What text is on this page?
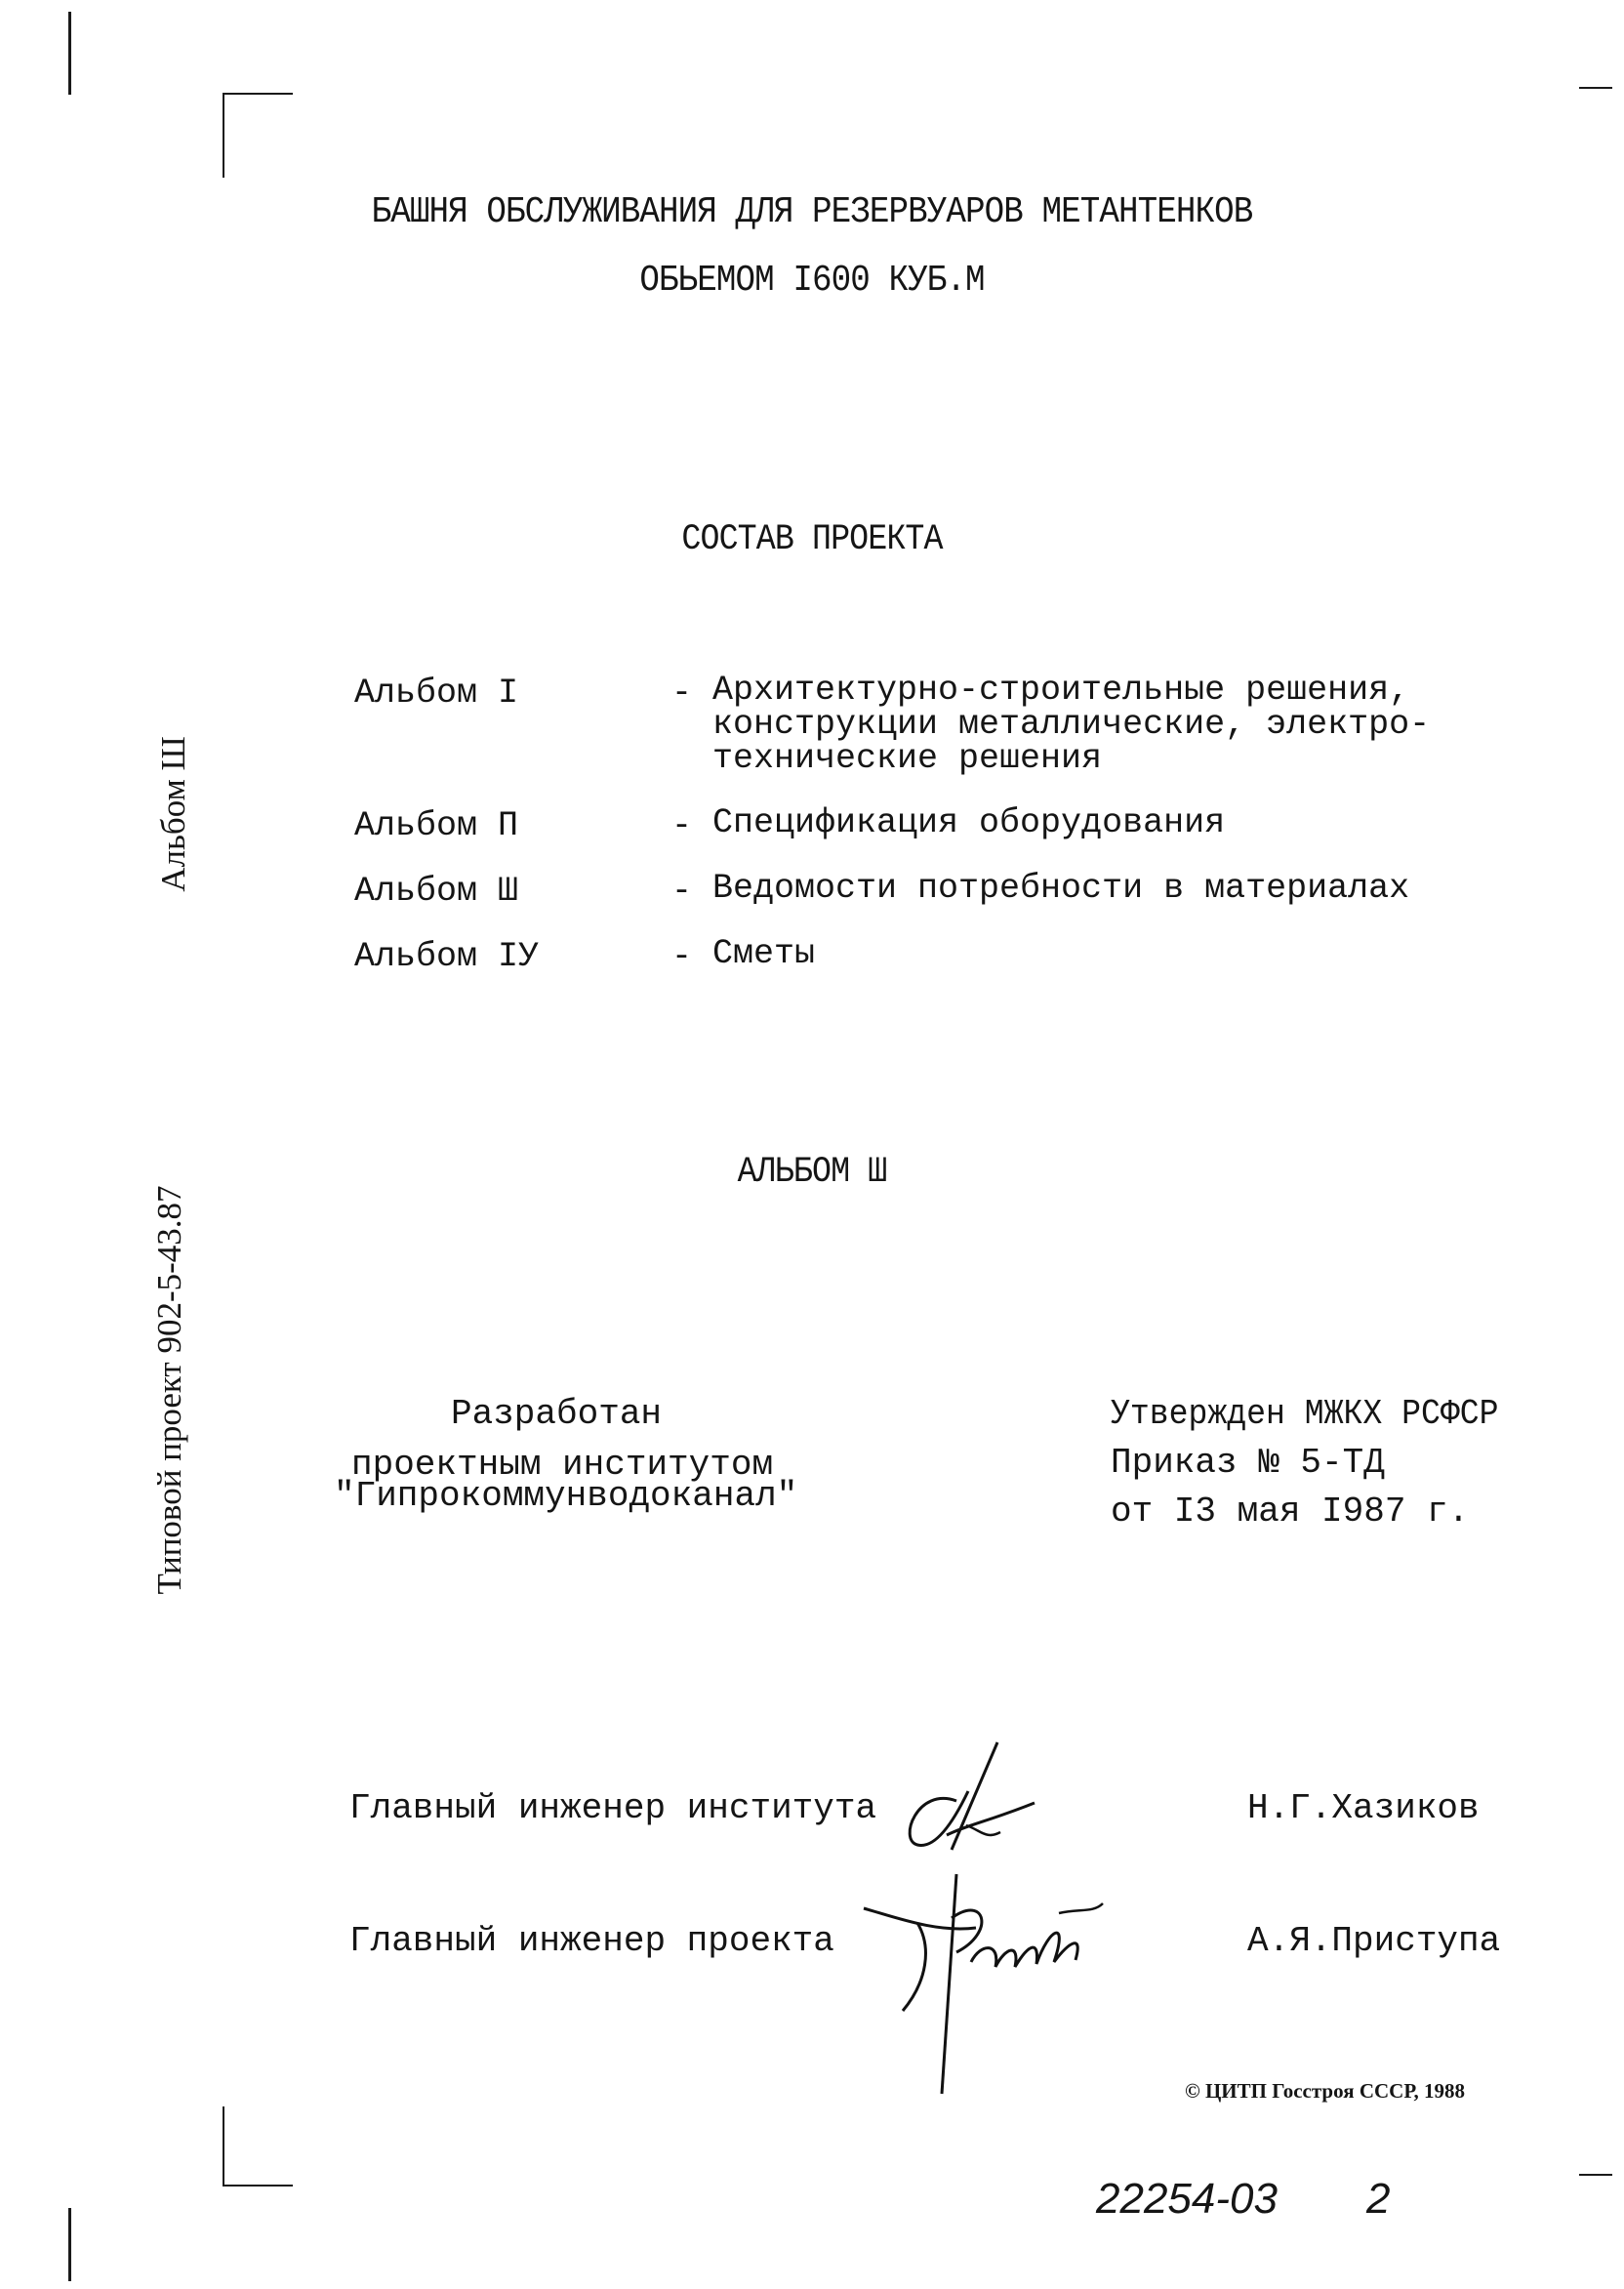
БАШНЯ ОБСЛУЖИВАНИЯ ДЛЯ РЕЗЕРВУАРОВ МЕТАНТЕНКОВ
ОБЬЕМОМ I600 КУБ.М
СОСТАВ ПРОЕКТА
Альбом I	- Архитектурно-строительные решения,
конструкции металлические, электро-
технические решения
Альбом П	- Спецификация оборудования
Альбом Ш	- Ведомости потребности в материалах
Альбом IУ	- Сметы
АЛЬБОМ Ш
Альбом Ш
Типовой проект 902-5-43.87	Разработан
проектным институтом
"Гипрокоммунводоканал"
Утвержден МЖКХ РСФСР
Приказ № 5-ТД
от I3 мая I987 г.
Главный инженер института	Н.Г.Хазиков
Главный инженер проекта	А.Я.Приступа
© ЦИТП Госстроя СССР, 1988
22254-03 2
